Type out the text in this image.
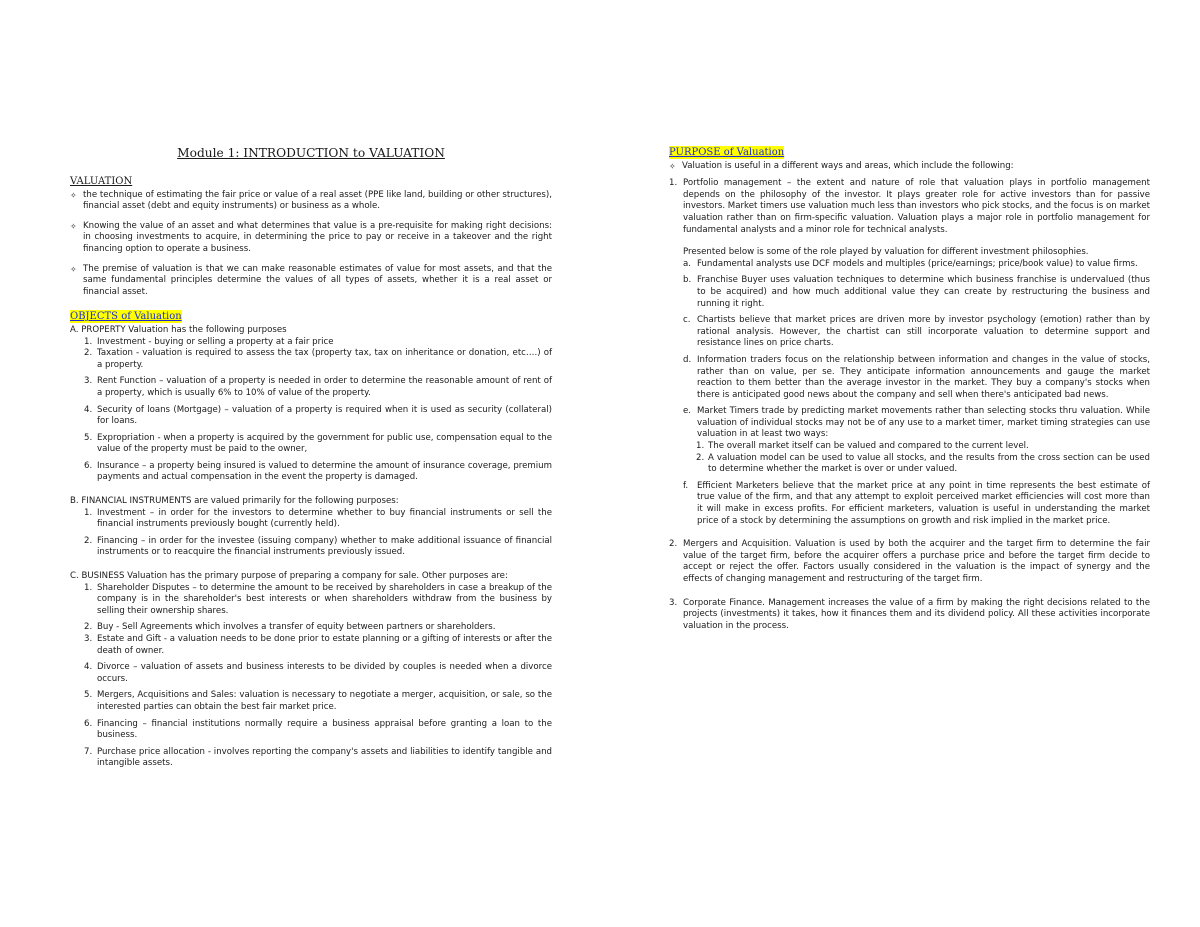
Module 1: INTRODUCTION to VALUATION

VALUATION
✧ the technique of estimating the fair price or value of a real asset (PPE like land, building or other structures), financial asset (debt and equity instruments) or business as a whole.
✧ Knowing the value of an asset and what determines that value is a pre-requisite for making right decisions: in choosing investments to acquire, in determining the price to pay or receive in a takeover and the right financing option to operate a business.
✧ The premise of valuation is that we can make reasonable estimates of value for most assets, and that the same fundamental principles determine the values of all types of assets, whether it is a real asset or financial asset.
OBJECTS of Valuation

A. PROPERTY Valuation has the following purposes

1. Investment - buying or selling a property at a fair price
2. Taxation - valuation is required to assess the tax (property tax, tax on inheritance or donation, etc….) of a property.
3. Rent Function – valuation of a property is needed in order to determine the reasonable amount of rent of a property, which is usually 6% to 10% of value of the property.
4. Security of loans (Mortgage) – valuation of a property is required when it is used as security (collateral) for loans.
5. Expropriation - when a property is acquired by the government for public use, compensation equal to the value of the property must be paid to the owner,
6. Insurance – a property being insured is valued to determine the amount of insurance coverage, premium payments and actual compensation in the event the property is damaged.

B. FINANCIAL INSTRUMENTS are valued primarily for the following purposes:

1. Investment – in order for the investors to determine whether to buy financial instruments or sell the financial instruments previously bought (currently held).
2. Financing – in order for the investee (issuing company) whether to make additional issuance of financial instruments or to reacquire the financial instruments previously issued.

C. BUSINESS Valuation has the primary purpose of preparing a company for sale. Other purposes are:

1. Shareholder Disputes – to determine the amount to be received by shareholders in case a breakup of the company is in the shareholder's best interests or when shareholders withdraw from the business by selling their ownership shares.
2. Buy - Sell Agreements which involves a transfer of equity between partners or shareholders.
3. Estate and Gift - a valuation needs to be done prior to estate planning or a gifting of interests or after the death of owner.
4. Divorce – valuation of assets and business interests to be divided by couples is needed when a divorce occurs.
5. Mergers, Acquisitions and Sales: valuation is necessary to negotiate a merger, acquisition, or sale, so the interested parties can obtain the best fair market price.
6. Financing – financial institutions normally require a business appraisal before granting a loan to the business.
7. Purchase price allocation - involves reporting the company's assets and liabilities to identify tangible and intangible assets.
PURPOSE of Valuation
✧ Valuation is useful in a different ways and areas, which include the following:
1. Portfolio management – the extent and nature of role that valuation plays in portfolio management depends on the philosophy of the investor. It plays greater role for active investors than for passive investors. Market timers use valuation much less than investors who pick stocks, and the focus is on market valuation rather than on firm-specific valuation. Valuation plays a major role in portfolio management for fundamental analysts and a minor role for technical analysts.

Presented below is some of the role played by valuation for different investment philosophies.

a. Fundamental analysts use DCF models and multiples (price/earnings; price/book value) to value firms.
b. Franchise Buyer uses valuation techniques to determine which business franchise is undervalued (thus to be acquired) and how much additional value they can create by restructuring the business and running it right.
c. Chartists believe that market prices are driven more by investor psychology (emotion) rather than by rational analysis. However, the chartist can still incorporate valuation to determine support and resistance lines on price charts.
d. Information traders focus on the relationship between information and changes in the value of stocks, rather than on value, per se. They anticipate information announcements and gauge the market reaction to them better than the average investor in the market. They buy a company's stocks when there is anticipated good news about the company and sell when there's anticipated bad news.
e. Market Timers trade by predicting market movements rather than selecting stocks thru valuation. While valuation of individual stocks may not be of any use to a market timer, market timing strategies can use valuation in at least two ways:
1. The overall market itself can be valued and compared to the current level.
2. A valuation model can be used to value all stocks, and the results from the cross section can be used to determine whether the market is over or under valued.
f.	Efficient Marketers believe that the market price at any point in time represents the best estimate of true value of the firm, and that any attempt to exploit perceived market efficiencies will cost more than it will make in excess profits. For efficient marketers, valuation is useful in understanding the market price of a stock by determining the assumptions on growth and risk implied in the market price.
2. Mergers and Acquisition. Valuation is used by both the acquirer and the target firm to determine the fair value of the target firm, before the acquirer offers a purchase price and before the target firm decide to accept or reject the offer. Factors usually considered in the valuation is the impact of synergy and the effects of changing management and restructuring of the target firm.
3. Corporate Finance. Management increases the value of a firm by making the right decisions related to the projects (investments) it takes, how it finances them and its dividend policy. All these activities incorporate valuation in the process.
